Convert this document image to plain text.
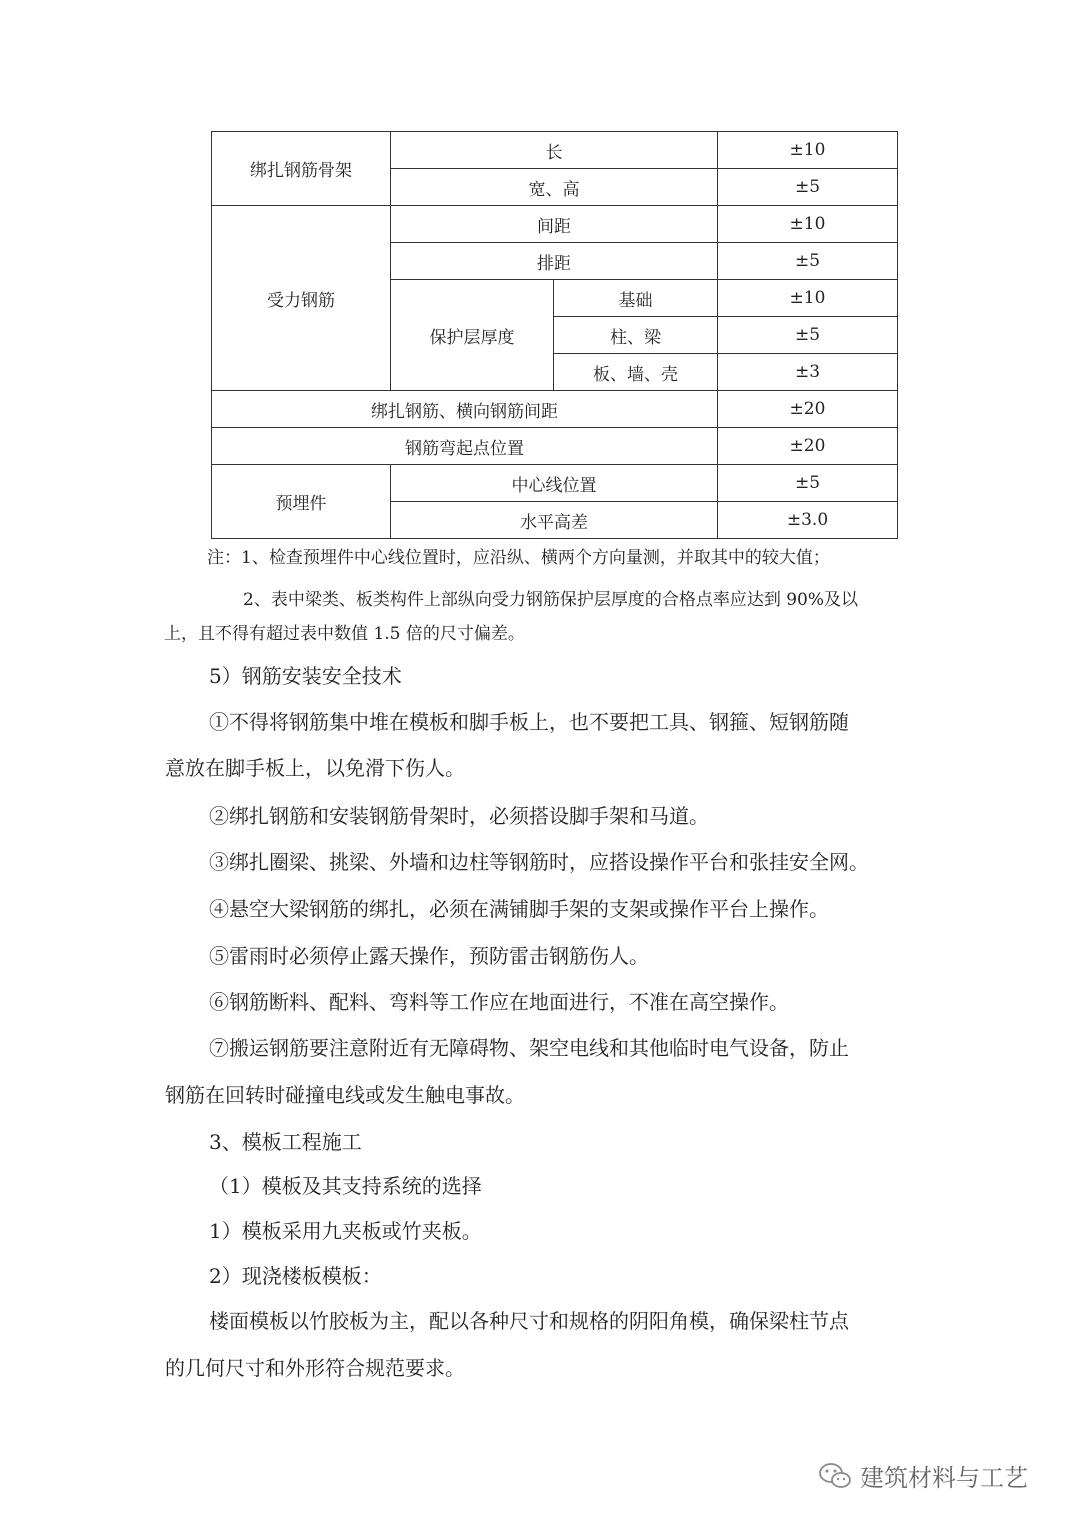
绑扎钢筋骨架	长		±10
	宽、高		±5
受力钢筋	间距		±10
	排距		±5
	保护层厚度	基础	±10
		柱、梁	±5
		板、墙、壳	±3
绑扎钢筋、横向钢筋间距			±20
钢筋弯起点位置			±20
预埋件	中心线位置		±5
	水平高差		±3.0

注：1、检查预埋件中心线位置时，应沿纵、横两个方向量测，并取其中的较大值；

2、表中梁类、板类构件上部纵向受力钢筋保护层厚度的合格点率应达到 90%及以

上，且不得有超过表中数值 1.5 倍的尺寸偏差。

5）钢筋安装安全技术

①不得将钢筋集中堆在模板和脚手板上，也不要把工具、钢箍、短钢筋随

意放在脚手板上，以免滑下伤人。

②绑扎钢筋和安装钢筋骨架时，必须搭设脚手架和马道。

③绑扎圈梁、挑梁、外墙和边柱等钢筋时，应搭设操作平台和张挂安全网。

④悬空大梁钢筋的绑扎，必须在满铺脚手架的支架或操作平台上操作。

⑤雷雨时必须停止露天操作，预防雷击钢筋伤人。

⑥钢筋断料、配料、弯料等工作应在地面进行，不准在高空操作。

⑦搬运钢筋要注意附近有无障碍物、架空电线和其他临时电气设备，防止

钢筋在回转时碰撞电线或发生触电事故。

3、模板工程施工

（1）模板及其支持系统的选择

1）模板采用九夹板或竹夹板。

2）现浇楼板模板：

楼面模板以竹胶板为主，配以各种尺寸和规格的阴阳角模，确保梁柱节点

的几何尺寸和外形符合规范要求。

建筑材料与工艺
